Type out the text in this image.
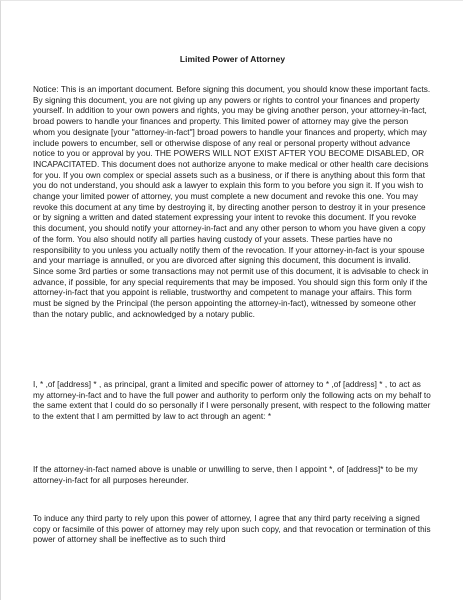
Limited Power of Attorney

Notice: This is an important document. Before signing this document, you should know these important facts. By signing this document, you are not giving up any powers or rights to control your finances and property yourself. In addition to your own powers and rights, you may be giving another person, your attorney-in-fact, broad powers to handle your finances and property. This limited power of attorney may give the person whom you designate [your "attorney-in-fact"] broad powers to handle your finances and property, which may include powers to encumber, sell or otherwise dispose of any real or personal property without advance notice to you or approval by you. THE POWERS WILL NOT EXIST AFTER YOU BECOME DISABLED, OR INCAPACITATED. This document does not authorize anyone to make medical or other health care decisions for you. If you own complex or special assets such as a business, or if there is anything about this form that you do not understand, you should ask a lawyer to explain this form to you before you sign it. If you wish to change your limited power of attorney, you must complete a new document and revoke this one. You may revoke this document at any time by destroying it, by directing another person to destroy it in your presence or by signing a written and dated statement expressing your intent to revoke this document. If you revoke this document, you should notify your attorney-in-fact and any other person to whom you have given a copy of the form. You also should notify all parties having custody of your assets. These parties have no responsibility to you unless you actually notify them of the revocation. If your attorney-in-fact is your spouse and your marriage is annulled, or you are divorced after signing this document, this document is invalid. Since some 3rd parties or some transactions may not permit use of this document, it is advisable to check in advance, if possible, for any special requirements that may be imposed. You should sign this form only if the attorney-in-fact that you appoint is reliable, trustworthy and competent to manage your affairs. This form must be signed by the Principal (the person appointing the attorney-in-fact), witnessed by someone other than the notary public, and acknowledged by a notary public.

I, * ,of [address] * , as principal, grant a limited and specific power of attorney to * ,of [address] * , to act as my attorney-in-fact and to have the full power and authority to perform only the following acts on my behalf to the same extent that I could do so personally if I were personally present, with respect to the following matter to the extent that I am permitted by law to act through an agent: *

If the attorney-in-fact named above is unable or unwilling to serve, then I appoint *, of [address]* to be my attorney-in-fact for all purposes hereunder.

To induce any third party to rely upon this power of attorney, I agree that any third party receiving a signed copy or facsimile of this power of attorney may rely upon such copy, and that revocation or termination of this power of attorney shall be ineffective as to such third
